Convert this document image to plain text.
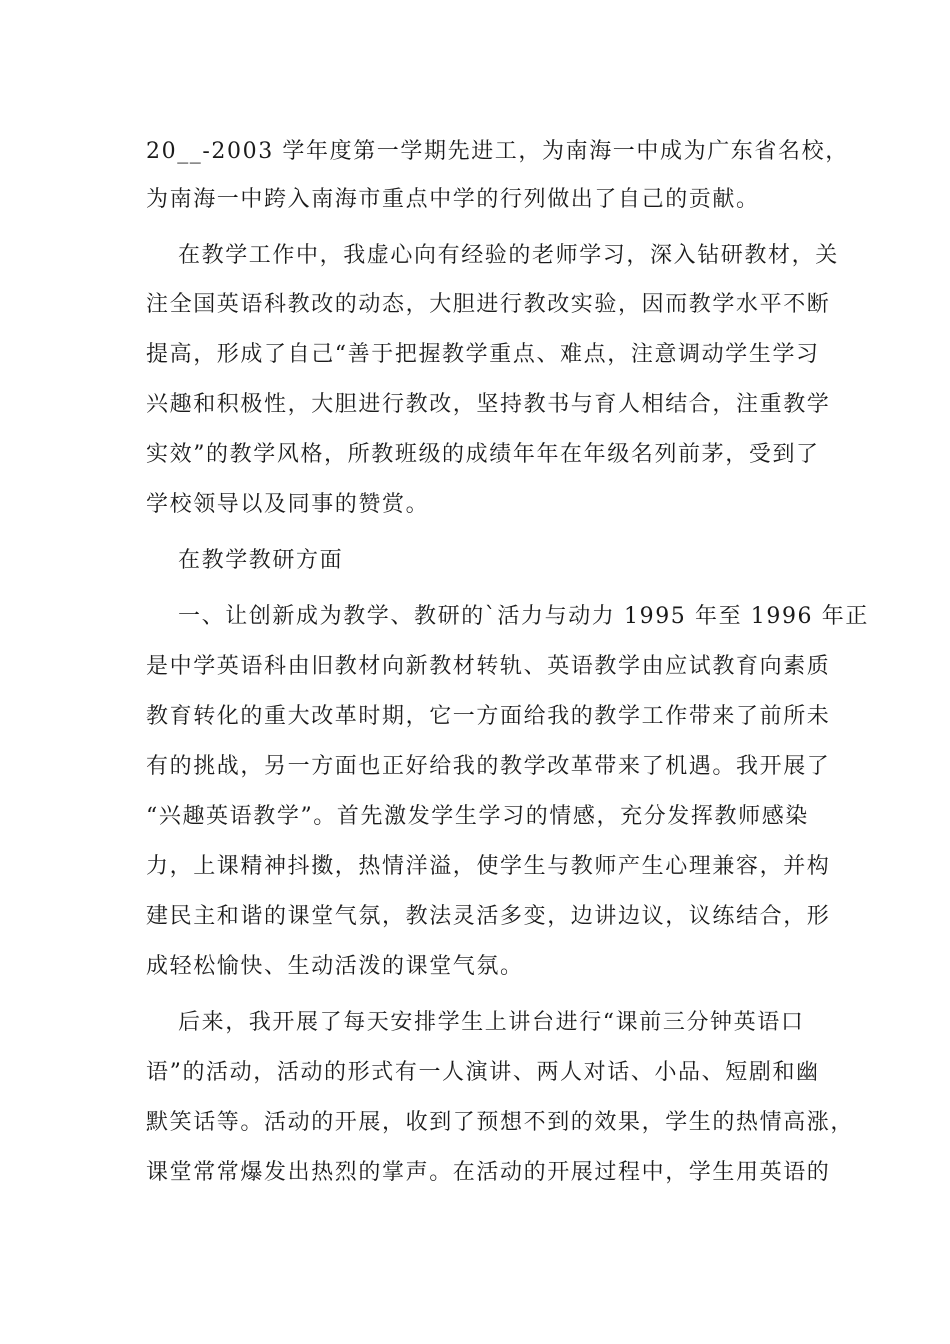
20__-2003 学年度第一学期先进工，为南海一中成为广东省名校，
为南海一中跨入南海市重点中学的行列做出了自己的贡献。
在教学工作中，我虚心向有经验的老师学习，深入钻研教材，关
注全国英语科教改的动态，大胆进行教改实验，因而教学水平不断
提高，形成了自己“善于把握教学重点、难点，注意调动学生学习
兴趣和积极性，大胆进行教改，坚持教书与育人相结合，注重教学
实效”的教学风格，所教班级的成绩年年在年级名列前茅，受到了
学校领导以及同事的赞赏。
在教学教研方面
一、让创新成为教学、教研的`活力与动力 1995 年至 1996 年正
是中学英语科由旧教材向新教材转轨、英语教学由应试教育向素质
教育转化的重大改革时期，它一方面给我的教学工作带来了前所未
有的挑战，另一方面也正好给我的教学改革带来了机遇。我开展了
“兴趣英语教学”。首先激发学生学习的情感，充分发挥教师感染
力，上课精神抖擞，热情洋溢，使学生与教师产生心理兼容，并构
建民主和谐的课堂气氛，教法灵活多变，边讲边议，议练结合，形
成轻松愉快、生动活泼的课堂气氛。
后来，我开展了每天安排学生上讲台进行“课前三分钟英语口
语”的活动，活动的形式有一人演讲、两人对话、小品、短剧和幽
默笑话等。活动的开展，收到了预想不到的效果，学生的热情高涨，
课堂常常爆发出热烈的掌声。在活动的开展过程中，学生用英语的
